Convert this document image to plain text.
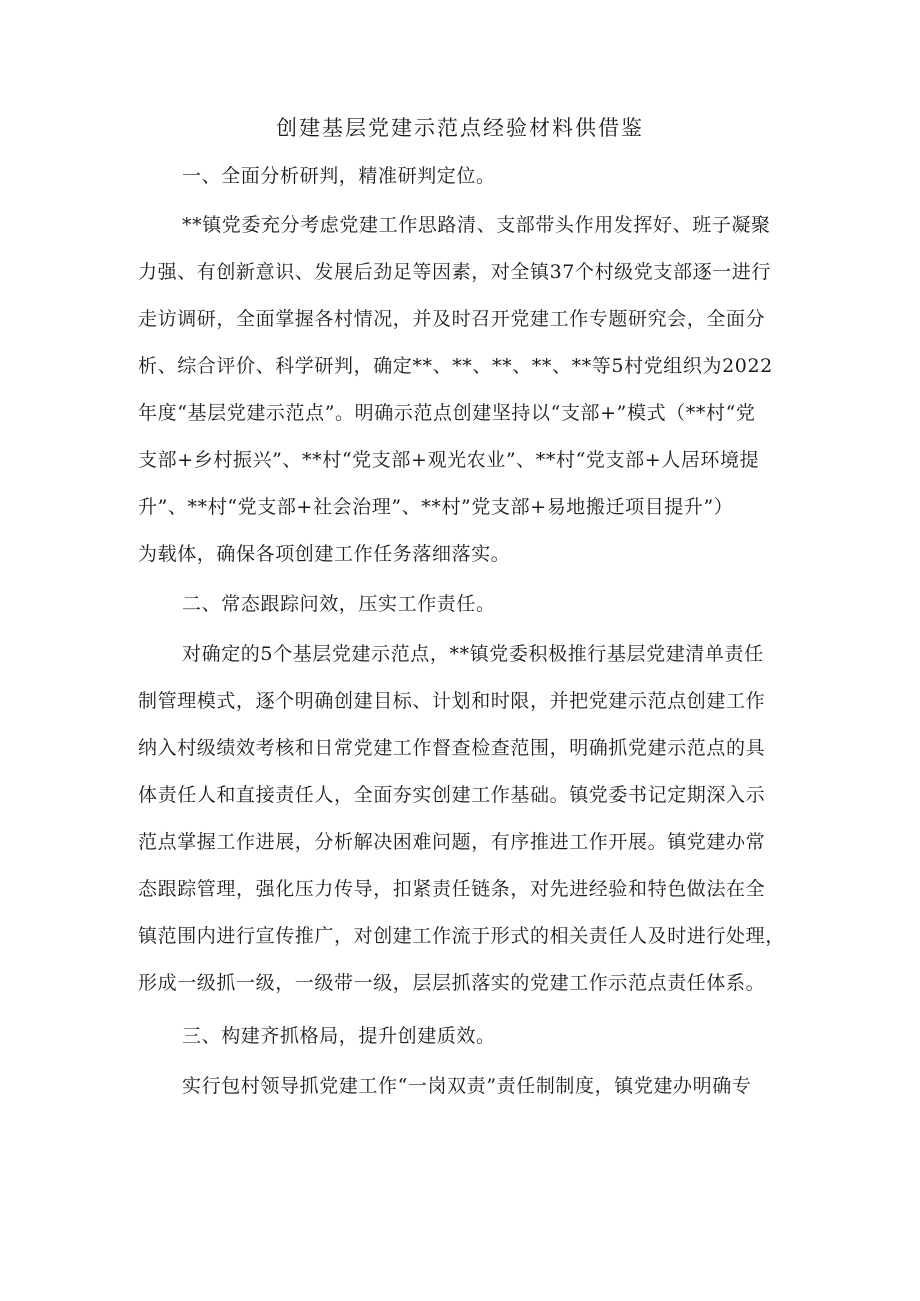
创建基层党建示范点经验材料供借鉴

一、全面分析研判，精准研判定位。

**镇党委充分考虑党建工作思路清、支部带头作用发挥好、班子凝聚

力强、有创新意识、发展后劲足等因素，对全镇37个村级党支部逐一进行

走访调研，全面掌握各村情况，并及时召开党建工作专题研究会，全面分

析、综合评价、科学研判，确定**、**、**、**、**等5村党组织为2022

年度“基层党建示范点”。明确示范点创建坚持以“支部+”模式（**村“党

支部+乡村振兴”、**村“党支部+观光农业”、**村“党支部+人居环境提

升”、**村“党支部+社会治理”、**村”党支部+易地搬迁项目提升”）

为载体，确保各项创建工作任务落细落实。

二、常态跟踪问效，压实工作责任。

对确定的5个基层党建示范点，**镇党委积极推行基层党建清单责任

制管理模式，逐个明确创建目标、计划和时限，并把党建示范点创建工作

纳入村级绩效考核和日常党建工作督查检查范围，明确抓党建示范点的具

体责任人和直接责任人，全面夯实创建工作基础。镇党委书记定期深入示

范点掌握工作进展，分析解决困难问题，有序推进工作开展。镇党建办常

态跟踪管理，强化压力传导，扣紧责任链条，对先进经验和特色做法在全

镇范围内进行宣传推广，对创建工作流于形式的相关责任人及时进行处理，

形成一级抓一级，一级带一级，层层抓落实的党建工作示范点责任体系。

三、构建齐抓格局，提升创建质效。

实行包村领导抓党建工作“一岗双责”责任制制度，镇党建办明确专
